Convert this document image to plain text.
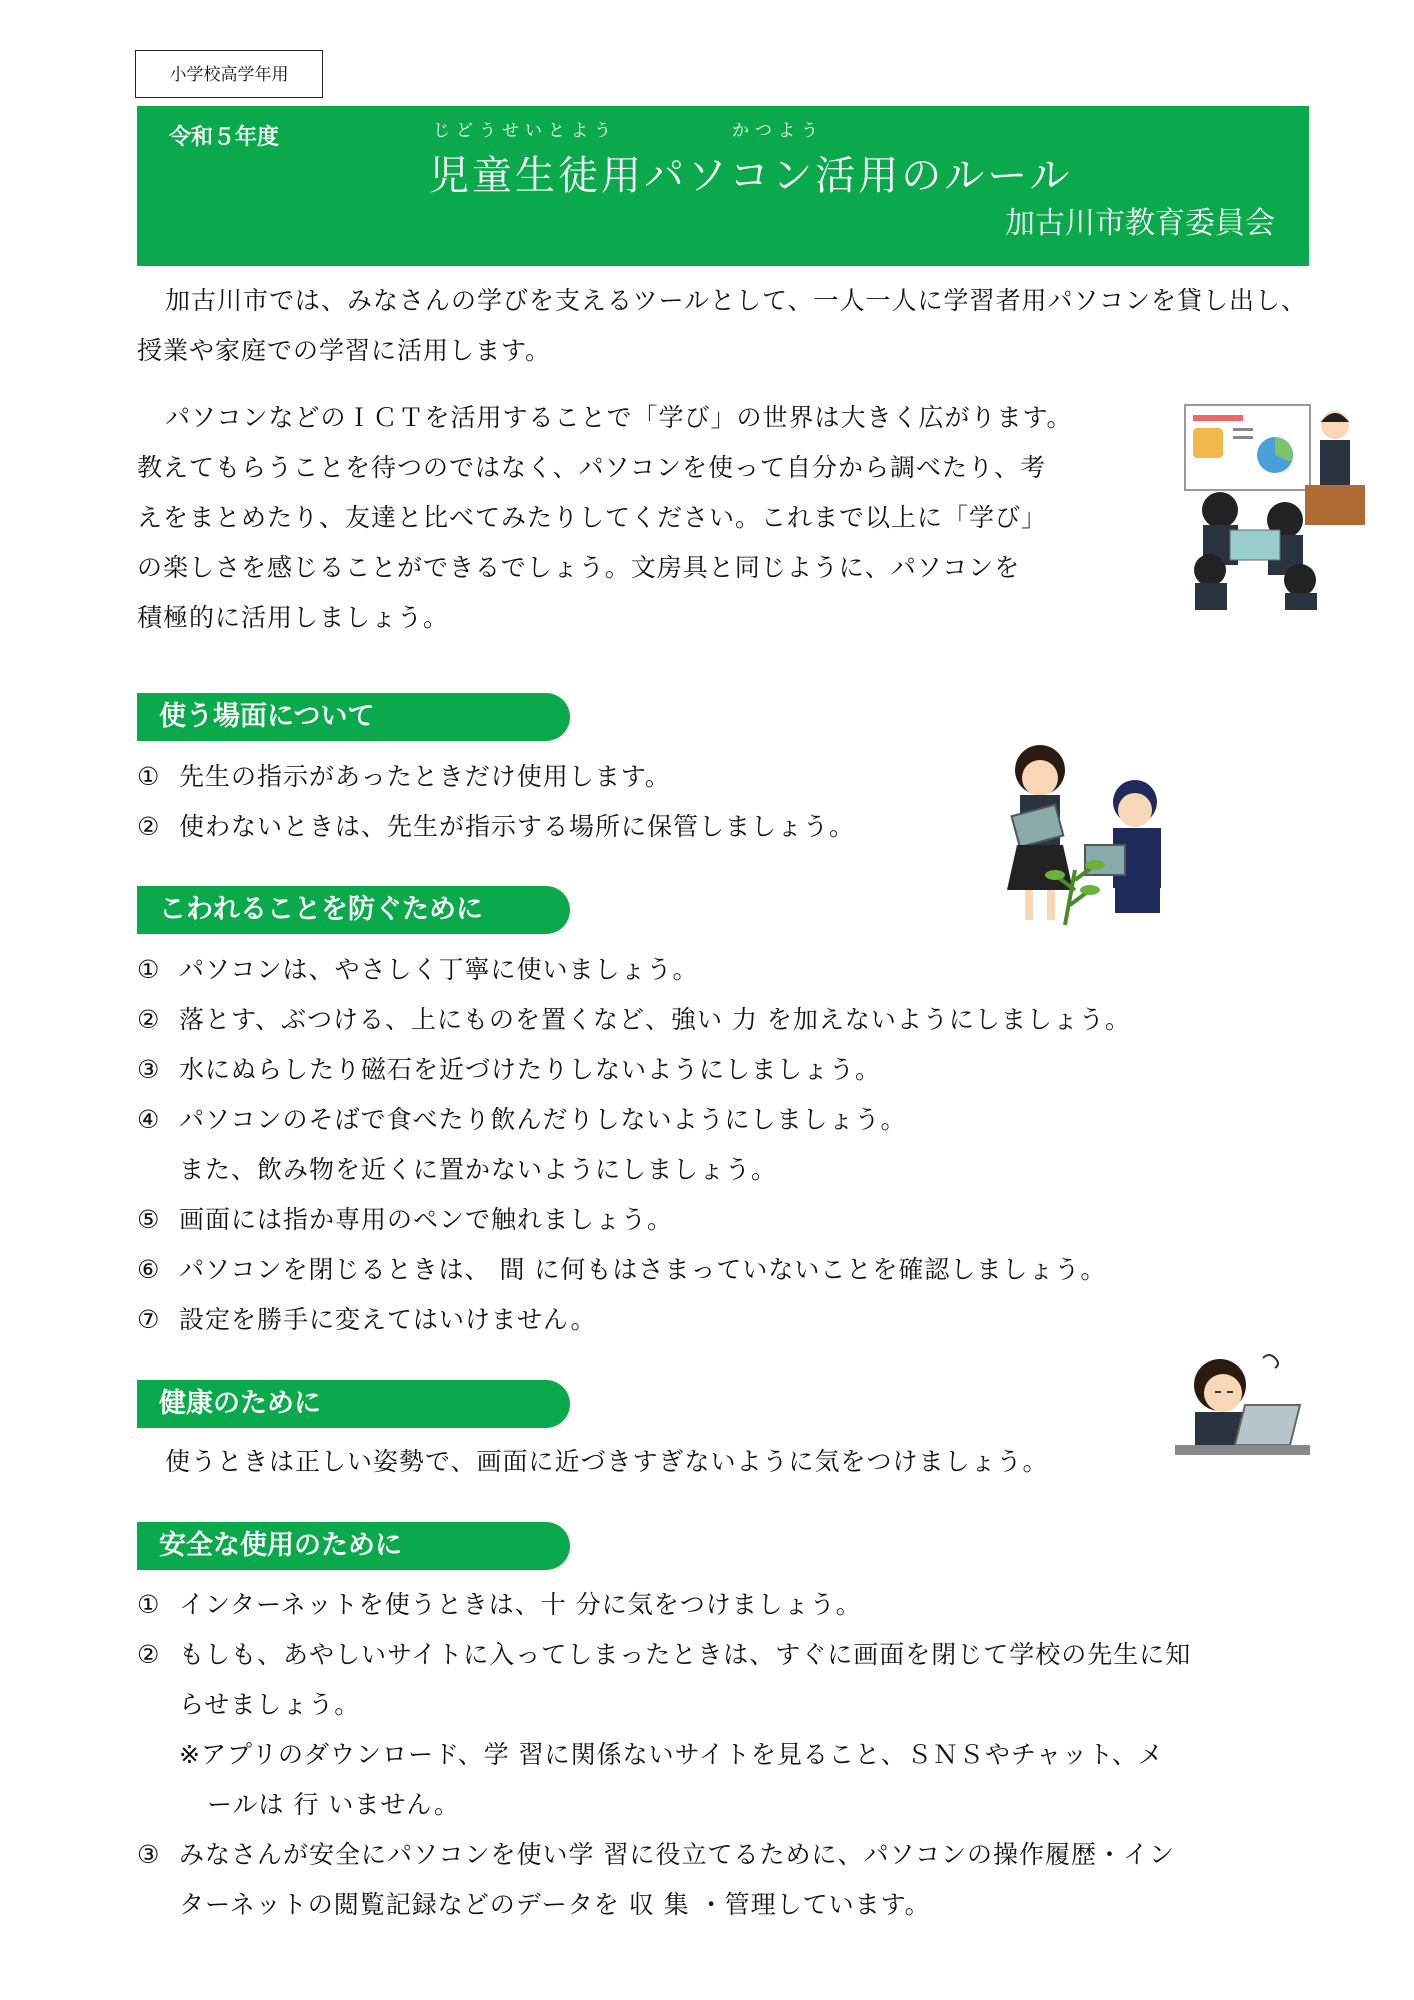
小学校高学年用
令和５年度	じどうせいとよう　　　　　かつよう
児童生徒用パソコン活用のルール
加古川市教育委員会
加古川市では、みなさんの学びを支えるツールとして、一人一人に学習者用パソコンを貸し出し、
授業や家庭での学習に活用します。
パソコンなどのＩＣＴを活用することで「学び」の世界は大きく広がります。
教えてもらうことを待つのではなく、パソコンを使って自分から調べたり、考
えをまとめたり、友達と比べてみたりしてください。これまで以上に「学び」
の楽しさを感じることができるでしょう。文房具と同じように、パソコンを
積極的に活用しましょう。
使う場面について
① 先生の指示があったときだけ使用します。
② 使わないときは、先生が指示する場所に保管しましょう。
こわれることを防ぐために
① パソコンは、やさしく丁寧に使いましょう。
② 落とす、ぶつける、上にものを置くなど、強い 力 を加えないようにしましょう。
③ 水にぬらしたり磁石を近づけたりしないようにしましょう。
④ パソコンのそばで食べたり飲んだりしないようにしましょう。
また、飲み物を近くに置かないようにしましょう。
⑤ 画面には指か専用のペンで触れましょう。
⑥ パソコンを閉じるときは、 間 に何もはさまっていないことを確認しましょう。
⑦ 設定を勝手に変えてはいけません。
健康のために
使うときは正しい姿勢で、画面に近づきすぎないように気をつけましょう。
安全な使用のために
① インターネットを使うときは、十 分に気をつけましょう。
② もしも、あやしいサイトに入ってしまったときは、すぐに画面を閉じて学校の先生に知
らせましょう。
※アプリのダウンロード、学 習に関係ないサイトを見ること、ＳＮＳやチャット、メ
ールは 行 いません。
③ みなさんが安全にパソコンを使い学 習に役立てるために、パソコンの操作履歴・イン
ターネットの閲覧記録などのデータを 収 集 ・管理しています。
